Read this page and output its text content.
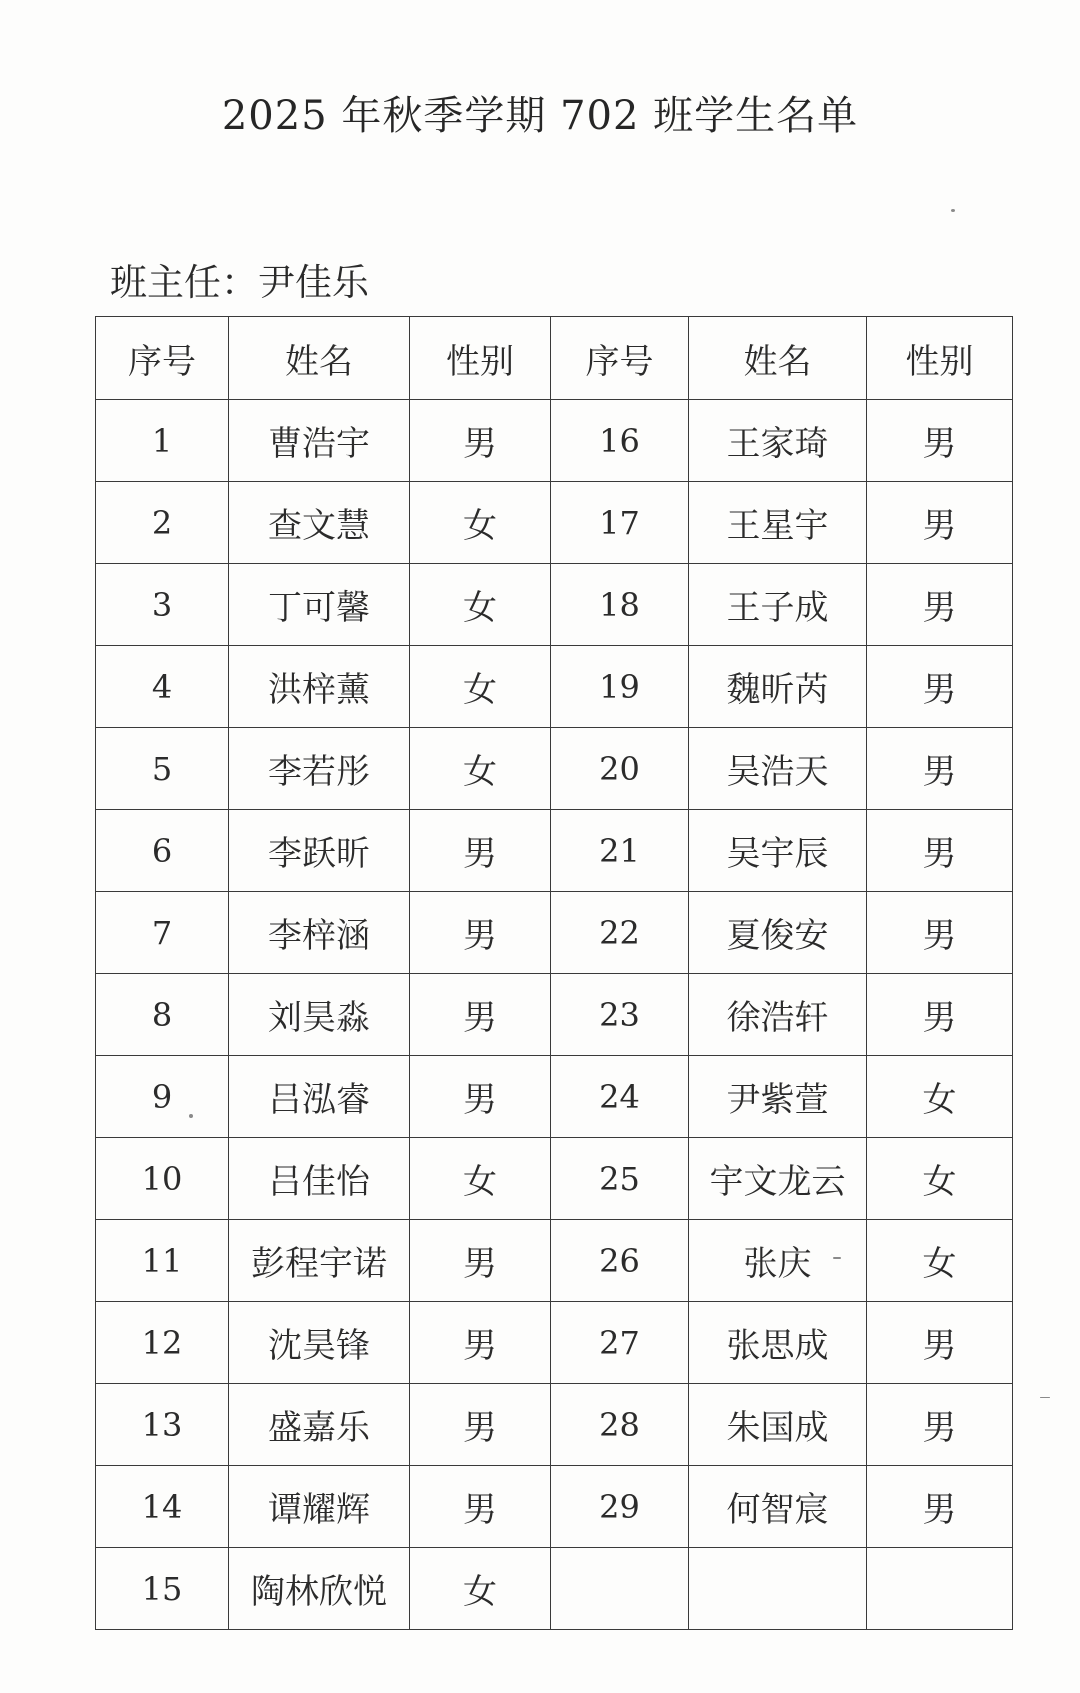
2025 年秋季学期 702 班学生名单
班主任：尹佳乐
序号	姓名	性别	序号	姓名	性别
1	曹浩宇	男	16	王家琦	男
2	查文慧	女	17	王星宇	男
3	丁可馨	女	18	王子成	男
4	洪梓薰	女	19	魏昕芮	男
5	李若彤	女	20	吴浩天	男
6	李跃昕	男	21	吴宇辰	男
7	李梓涵	男	22	夏俊安	男
8	刘昊淼	男	23	徐浩轩	男
9	吕泓睿	男	24	尹紫萱	女
10	吕佳怡	女	25	宇文龙云	女
11	彭程宇诺	男	26	张庆	女
12	沈昊锋	男	27	张思成	男
13	盛嘉乐	男	28	朱国成	男
14	谭耀辉	男	29	何智宸	男
15	陶林欣悦	女			
